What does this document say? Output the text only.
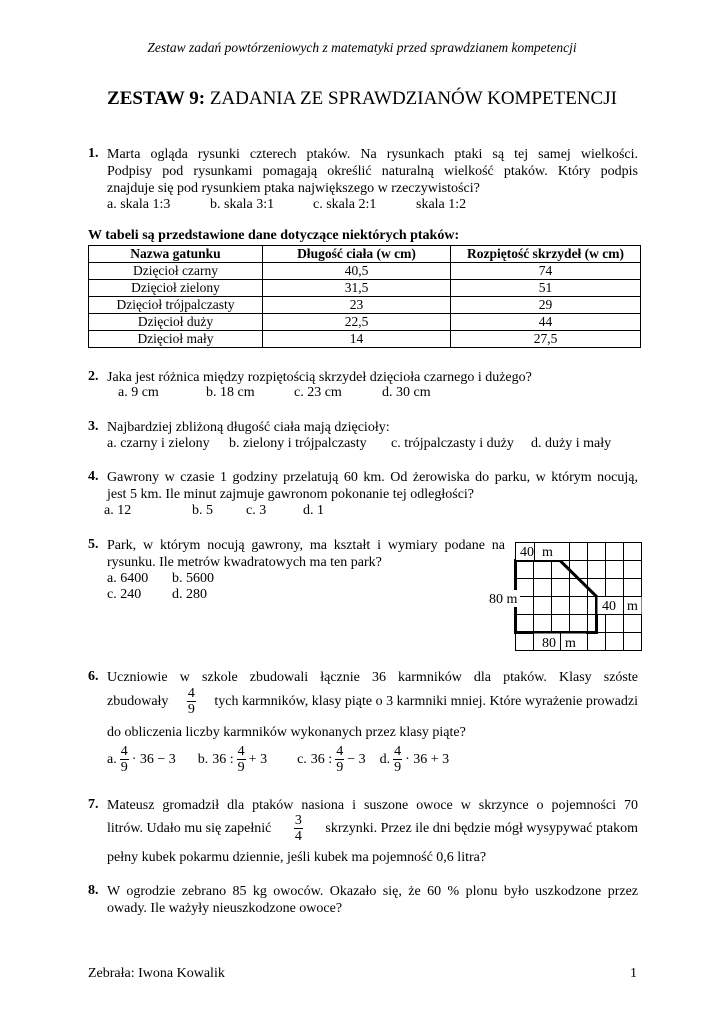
Zestaw zadań powtórzeniowych z matematyki przed sprawdzianem kompetencji
ZESTAW 9: ZADANIA ZE SPRAWDZIANÓW KOMPETENCJI
1. Marta ogląda rysunki czterech ptaków. Na rysunkach ptaki są tej samej wielkości.

Podpisy pod rysunkami pomagają określić naturalną wielkość ptaków. Który podpis

znajduje się pod rysunkiem ptaka największego w rzeczywistości?

a. skala 1:3	b. skala 3:1	c. skala 2:1	skala 1:2
W tabeli są przedstawione dane dotyczące niektórych ptaków:
Nazwa gatunku	Długość ciała (w cm)	Rozpiętość skrzydeł (w cm)
Dzięcioł czarny	40,5	74
Dzięcioł zielony	31,5	51
Dzięcioł trójpalczasty	23	29
Dzięcioł duży	22,5	44
Dzięcioł mały	14	27,5
2. Jaka jest różnica między rozpiętością skrzydeł dzięcioła czarnego i dużego?
a. 9 cm	b. 18 cm	c. 23 cm	d. 30 cm
3. Najbardziej zbliżoną długość ciała mają dzięcioły:
a. czarny i zielony b. zielony i trójpalczasty c. trójpalczasty i duży d. duży i mały
4. Gawrony w czasie 1 godziny przelatują 60 km. Od żerowiska do parku, w którym nocują,

jest 5 km. Ile minut zajmuje gawronom pokonanie tej odległości?

a. 12	b. 5 c. 3	d. 1
5. Park, w którym nocują gawrony, ma kształt i wymiary podane na

rysunku. Ile metrów kwadratowych ma ten park?

a. 6400 b. 5600
c. 240 d. 280
40 m
40 m
80 m
80 m
6. Uczniowie w szkole zbudowali łącznie 36 karmników dla ptaków. Klasy szóste
zbudowały $\frac{4}{9}$ tych karmników, klasy piąte o 3 karmniki mniej. Które wyrażenie prowadzi
do obliczenia liczby karmników wykonanych przez klasy piąte?
a. $\frac{4}{9} \cdot 36 - 3$ b. 36 : $\frac{4}{9} + 3$ c. 36 : $\frac{4}{9} - 3$ d. $\frac{4}{9} \cdot 36 + 3$
7. Mateusz gromadził dla ptaków nasiona i suszone owoce w skrzynce o pojemności 70
litrów. Udało mu się zapełnić $\frac{3}{4}$ skrzynki. Przez ile dni będzie mógł wysypywać ptakom
pełny kubek pokarmu dziennie, jeśli kubek ma pojemność 0,6 litra?
8. W ogrodzie zebrano 85 kg owoców. Okazało się, że 60 % plonu było uszkodzone przez

owady. Ile ważyły nieuszkodzone owoce?

Zebrała: Iwona Kowalik	1
